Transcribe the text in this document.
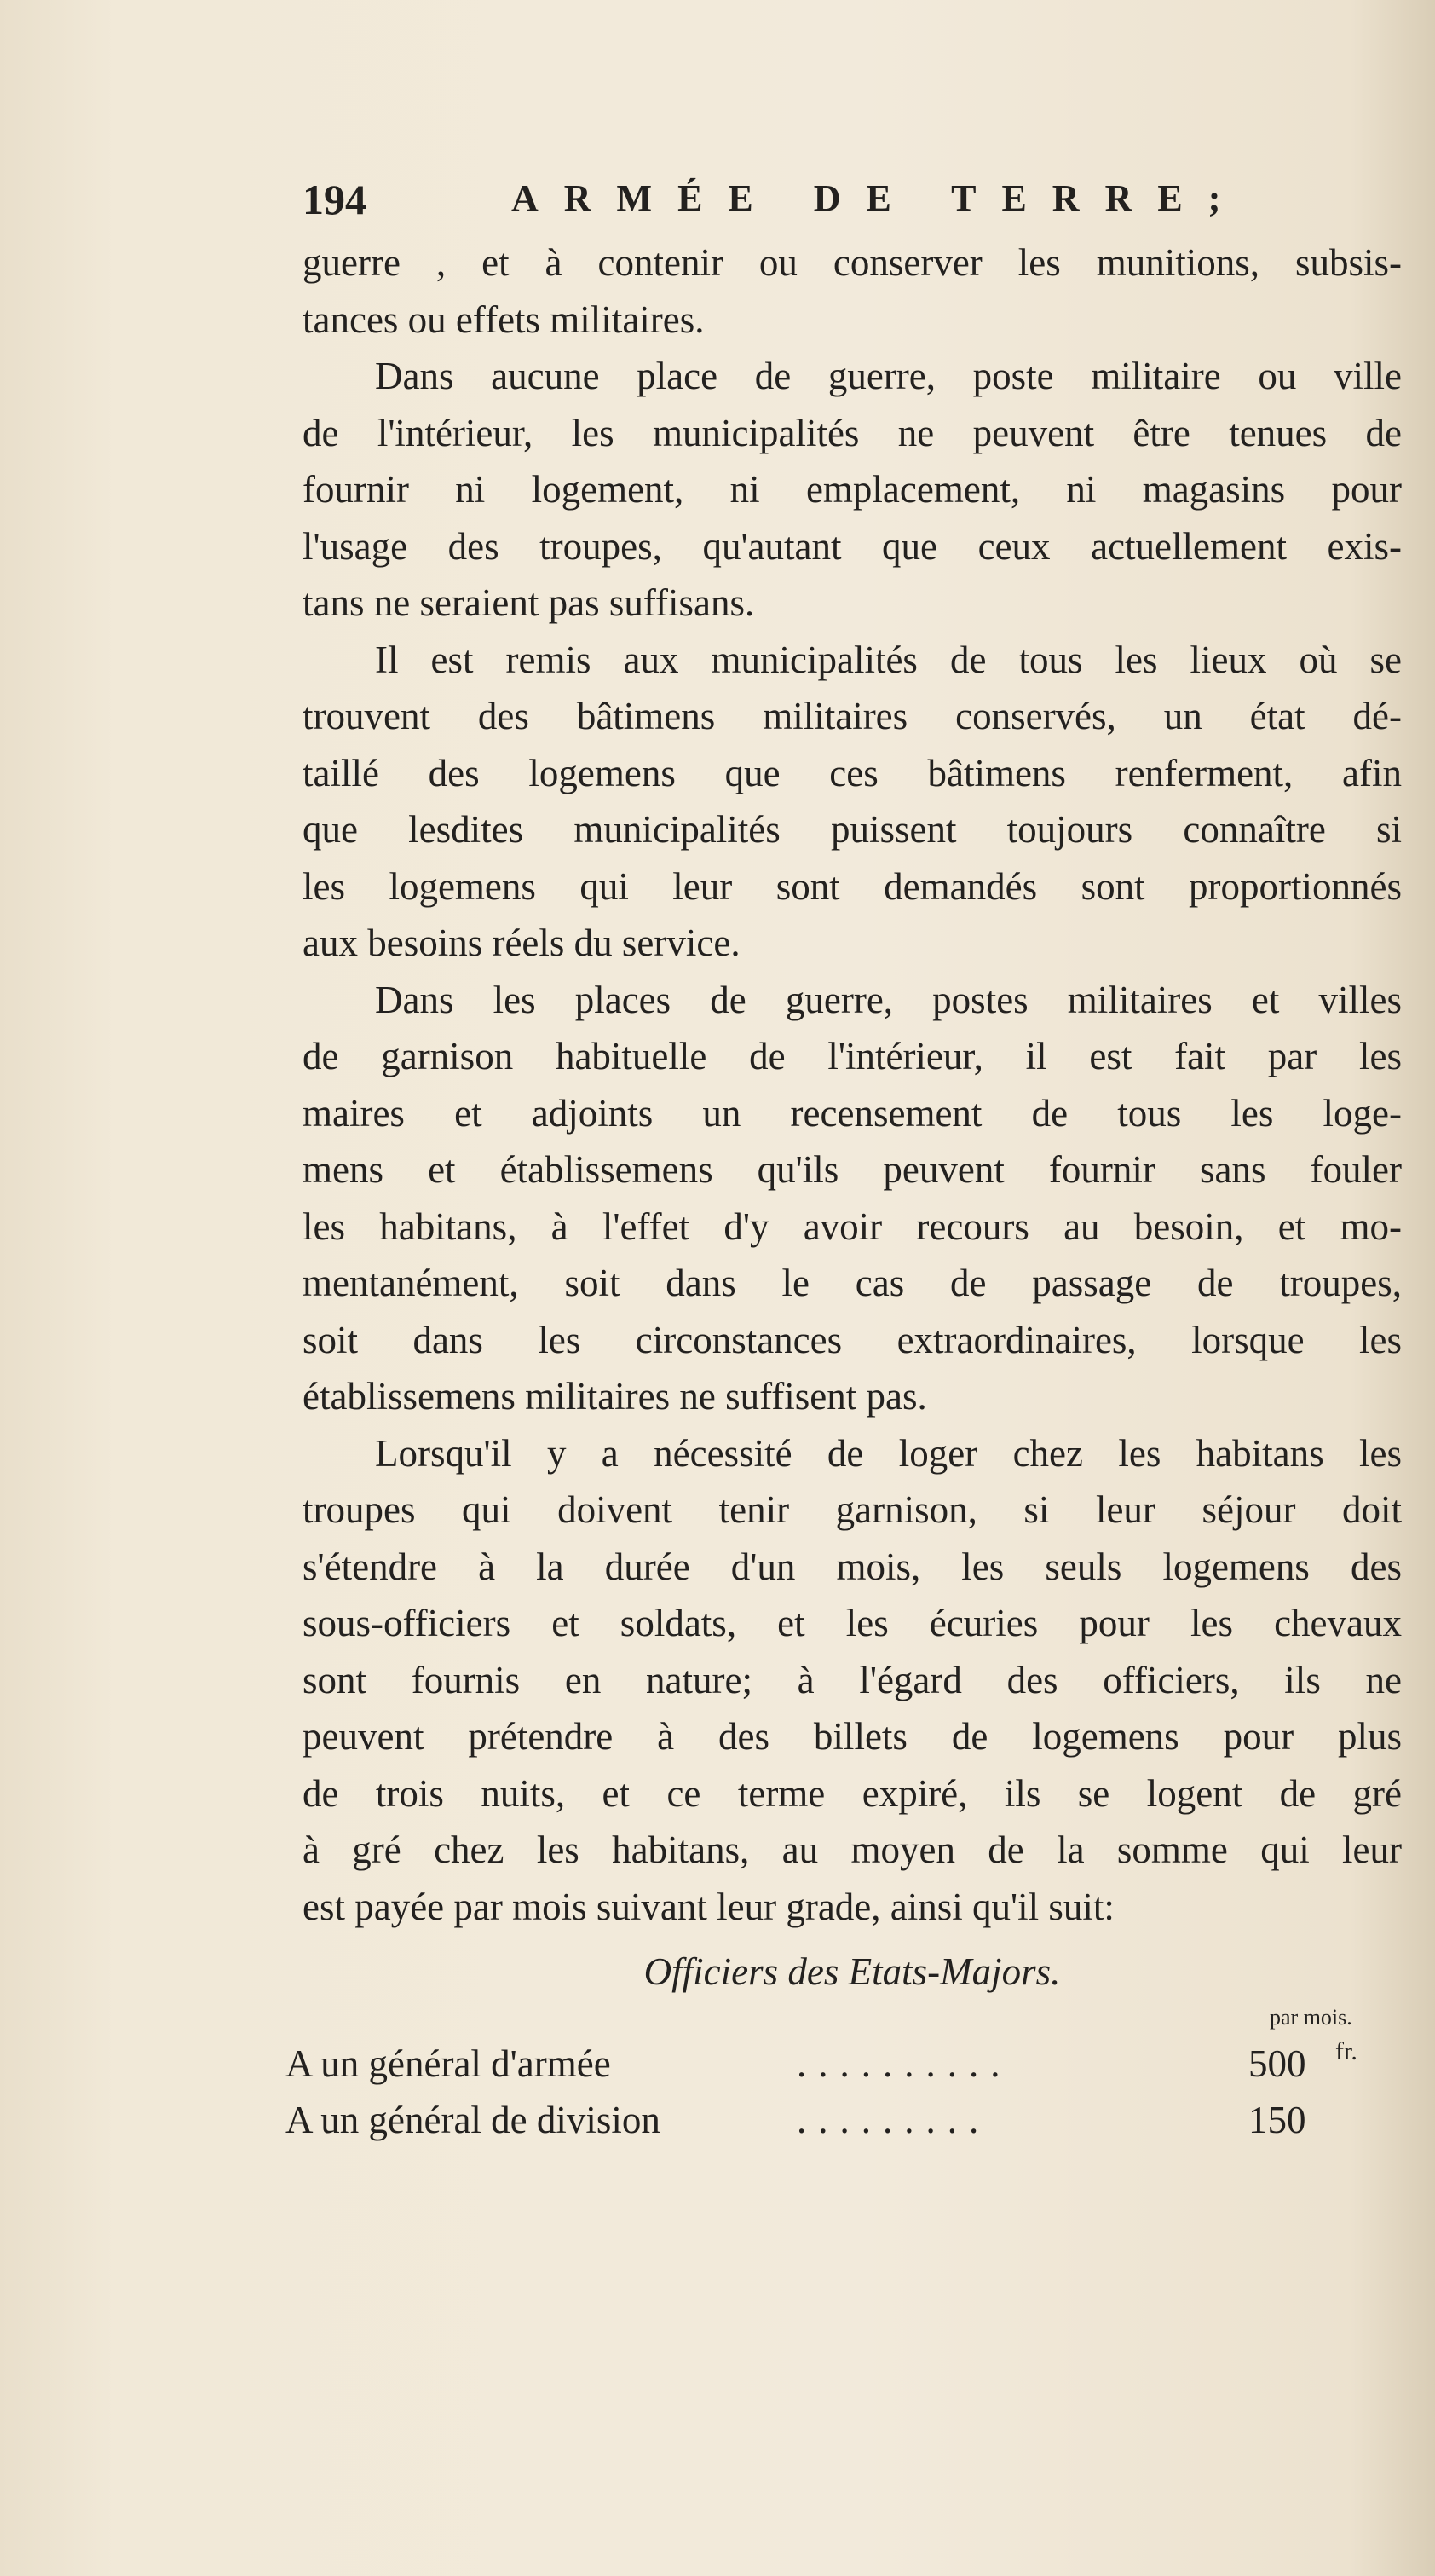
194	ARMÉE DE TERRE;
guerre , et à contenir ou conserver les munitions, subsis-
tances ou effets militaires.
Dans aucune place de guerre, poste militaire ou ville
de l'intérieur, les municipalités ne peuvent être tenues de
fournir ni logement, ni emplacement, ni magasins pour
l'usage des troupes, qu'autant que ceux actuellement exis-
tans ne seraient pas suffisans.
Il est remis aux municipalités de tous les lieux où se
trouvent des bâtimens militaires conservés, un état dé-
taillé des logemens que ces bâtimens renferment, afin
que lesdites municipalités puissent toujours connaître si
les logemens qui leur sont demandés sont proportionnés
aux besoins réels du service.
Dans les places de guerre, postes militaires et villes
de garnison habituelle de l'intérieur, il est fait par les
maires et adjoints un recensement de tous les loge-
mens et établissemens qu'ils peuvent fournir sans fouler
les habitans, à l'effet d'y avoir recours au besoin, et mo-
mentanément, soit dans le cas de passage de troupes,
soit dans les circonstances extraordinaires, lorsque les
établissemens militaires ne suffisent pas.
Lorsqu'il y a nécessité de loger chez les habitans les
troupes qui doivent tenir garnison, si leur séjour doit
s'étendre à la durée d'un mois, les seuls logemens des
sous-officiers et soldats, et les écuries pour les chevaux
sont fournis en nature; à l'égard des officiers, ils ne
peuvent prétendre à des billets de logemens pour plus
de trois nuits, et ce terme expiré, ils se logent de gré
à gré chez les habitans, au moyen de la somme qui leur
est payée par mois suivant leur grade, ainsi qu'il suit:
Officiers des Etats-Majors.
par mois.
A un général d'armée	..........	500 fr.
A un général de division	.........	150
